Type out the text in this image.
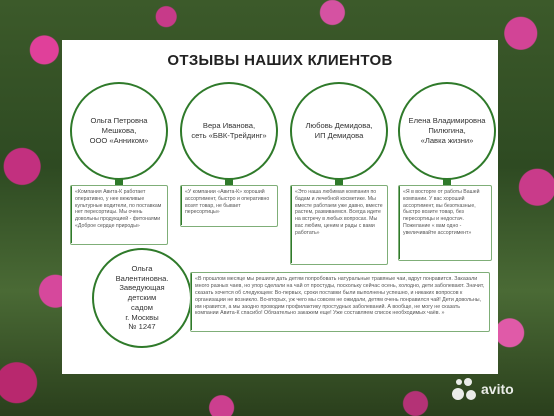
ОТЗЫВЫ НАШИХ КЛИЕНТОВ
Ольга Петровна
Мешкова,
ООО «Анником»
«Компания Авита-К работает оперативно, у нее вежливые культурные водители, по поставкам нет пересортицы. Мы очень довольны продукцией - фитонаями «Доброе сердце природы»
Вера Иванова,
сеть «БВК-Трейдинг»
«У компании «Авита-К» хороший ассортимент, быстро и оперативно возят товар, не бывает пересортицы»
Любовь Демидова,
ИП Демидова
«Это наша любимая компания по бадам и лечебной косметике. Мы вместе работаем уже давно, вместе растем, развиваемся. Всегда идете на встречу в любых вопросах. Мы вас любим, ценим и рады с вами работать»
Елена Владимировна
Пилюгина,
«Лавка жизни»
«Я в восторге от работы Вашей компании. У вас хороший ассортимент, вы безотказные, быстро возите товар, без пересортицы и недостач. Пожелание « вам одно - увеличивайте ассортимент»
Ольга
Валентиновна.
Заведующая
детским
садом
г. Москвы
№ 1247
«В прошлом месяце мы решили дать детям попробовать натуральные травяные чаи, вдруг понравится. Заказали много разных чаев, но упор сделали на чай от простуды, поскольку сейчас осень, холодно, дети заболевают. Значит, сказать хочется об следующем: Во-первых, сроки поставки были выполнены успешно, и никаких вопросов к организации не возникло. Во-вторых, уж чего мы совсем не ожидали, детям очень понравился чай! Дети довольны, им нравится, а мы заодно проводим профилактику простудных заболеваний. А вообще, не могу не сказать компании Авита-К спасибо! Обязательно закажем еще! Уже составляем список необходимых чаёв. »
avito
